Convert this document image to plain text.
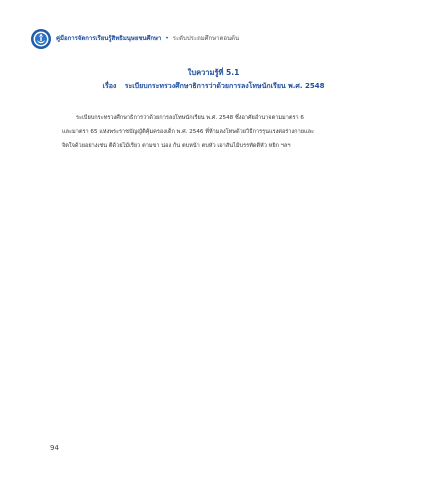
คู่มือการจัดการเรียนรู้สิทธิมนุษยชนศึกษา • ระดับประถมศึกษาตอนต้น
ใบความรู้ที่ 5.1
เรื่อง ระเบียบกระทรวงศึกษาธิการว่าด้วยการลงโทษนักเรียน พ.ศ. 2548
ระเบียบกระทรวงศึกษาธิการว่าด้วยการลงโทษนักเรียน พ.ศ. 2548 ซึ่งอาศัยอำนาจตามมาตรา 6
และมาตรา 65 แห่งพระราชบัญญัติคุ้มครองเด็ก พ.ศ. 2546 ที่ห้ามลงโทษด้วยวิธีการรุนแรงต่อร่างกายและ
จิตใจด้วยอย่างเช่น ตีด้วยไม้เรียว ตามขา น่อง ก้น ตบหน้า ตบหัว เอาสันไม้บรรทัดตีหัว หยิก ฯลฯ
94
